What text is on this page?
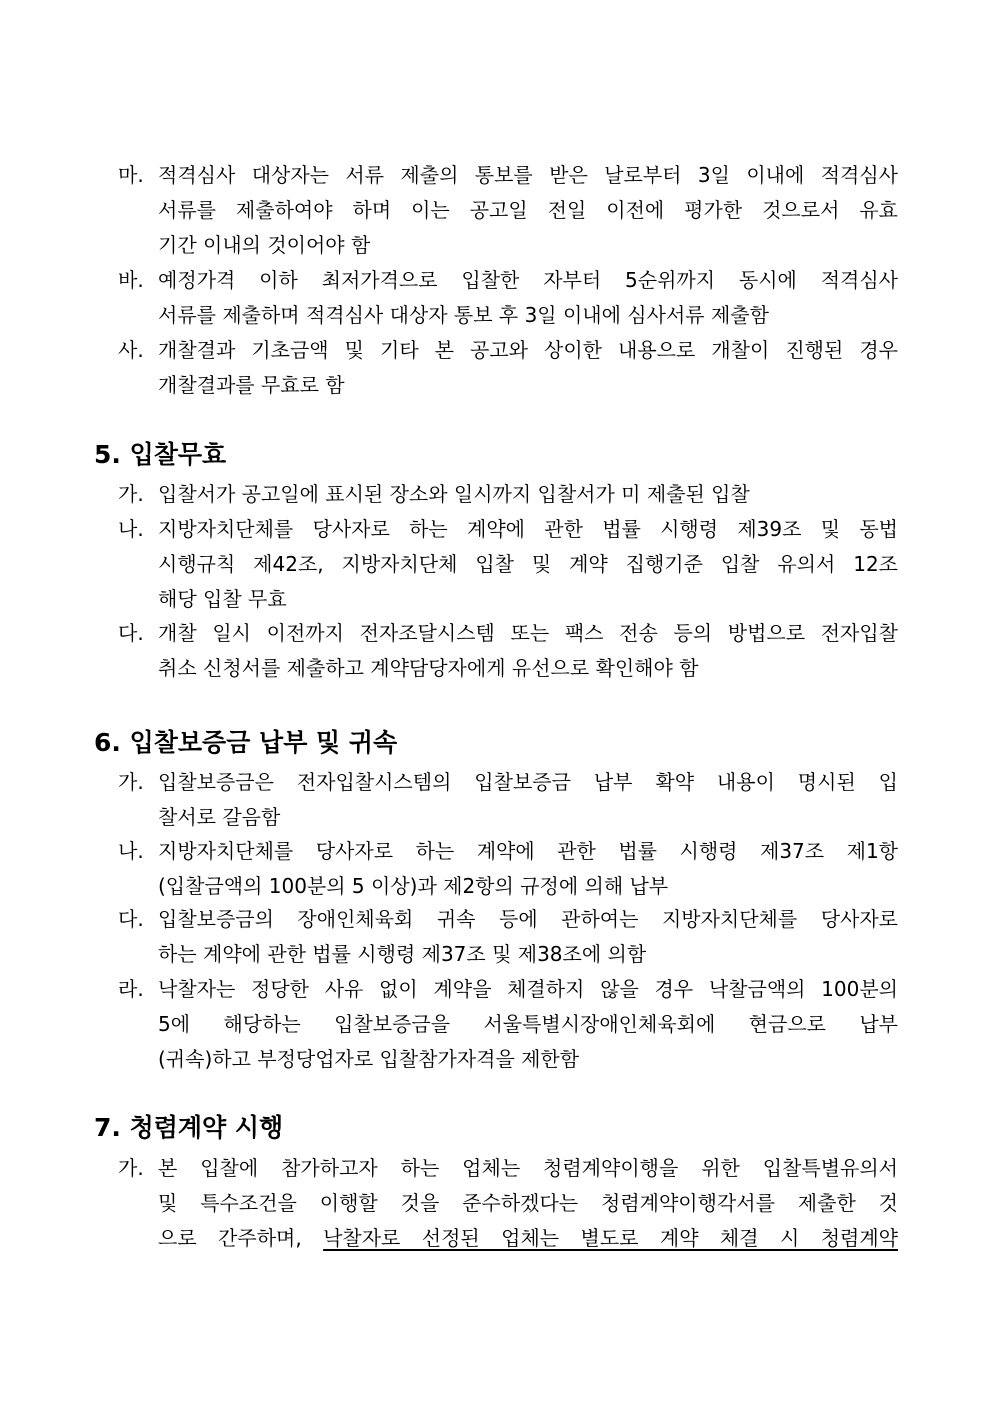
마. 적격심사 대상자는 서류 제출의 통보를 받은 날로부터 3일 이내에 적격심사
서류를 제출하여야 하며 이는 공고일 전일 이전에 평가한 것으로서 유효
기간 이내의 것이어야 함
바. 예정가격 이하 최저가격으로 입찰한 자부터 5순위까지 동시에 적격심사
서류를 제출하며 적격심사 대상자 통보 후 3일 이내에 심사서류 제출함
사. 개찰결과 기초금액 및 기타 본 공고와 상이한 내용으로 개찰이 진행된 경우
개찰결과를 무효로 함
5. 입찰무효
가. 입찰서가 공고일에 표시된 장소와 일시까지 입찰서가 미 제출된 입찰
나. 지방자치단체를 당사자로 하는 계약에 관한 법률 시행령 제39조 및 동법
시행규칙 제42조, 지방자치단체 입찰 및 계약 집행기준 입찰 유의서 12조
해당 입찰 무효
다. 개찰 일시 이전까지 전자조달시스템 또는 팩스 전송 등의 방법으로 전자입찰
취소 신청서를 제출하고 계약담당자에게 유선으로 확인해야 함
6. 입찰보증금 납부 및 귀속
가. 입찰보증금은 전자입찰시스템의 입찰보증금 납부 확약 내용이 명시된 입
찰서로 갈음함
나. 지방자치단체를 당사자로 하는 계약에 관한 법률 시행령 제37조 제1항
(입찰금액의 100분의 5 이상)과 제2항의 규정에 의해 납부
다. 입찰보증금의 장애인체육회 귀속 등에 관하여는 지방자치단체를 당사자로
하는 계약에 관한 법률 시행령 제37조 및 제38조에 의함
라. 낙찰자는 정당한 사유 없이 계약을 체결하지 않을 경우 낙찰금액의 100분의
5에 해당하는 입찰보증금을 서울특별시장애인체육회에 현금으로 납부
(귀속)하고 부정당업자로 입찰참가자격을 제한함
7. 청렴계약 시행
가. 본 입찰에 참가하고자 하는 업체는 청렴계약이행을 위한 입찰특별유의서
및 특수조건을 이행할 것을 준수하겠다는 청렴계약이행각서를 제출한 것
으로 간주하며, 낙찰자로 선정된 업체는 별도로 계약 체결 시 청렴계약
